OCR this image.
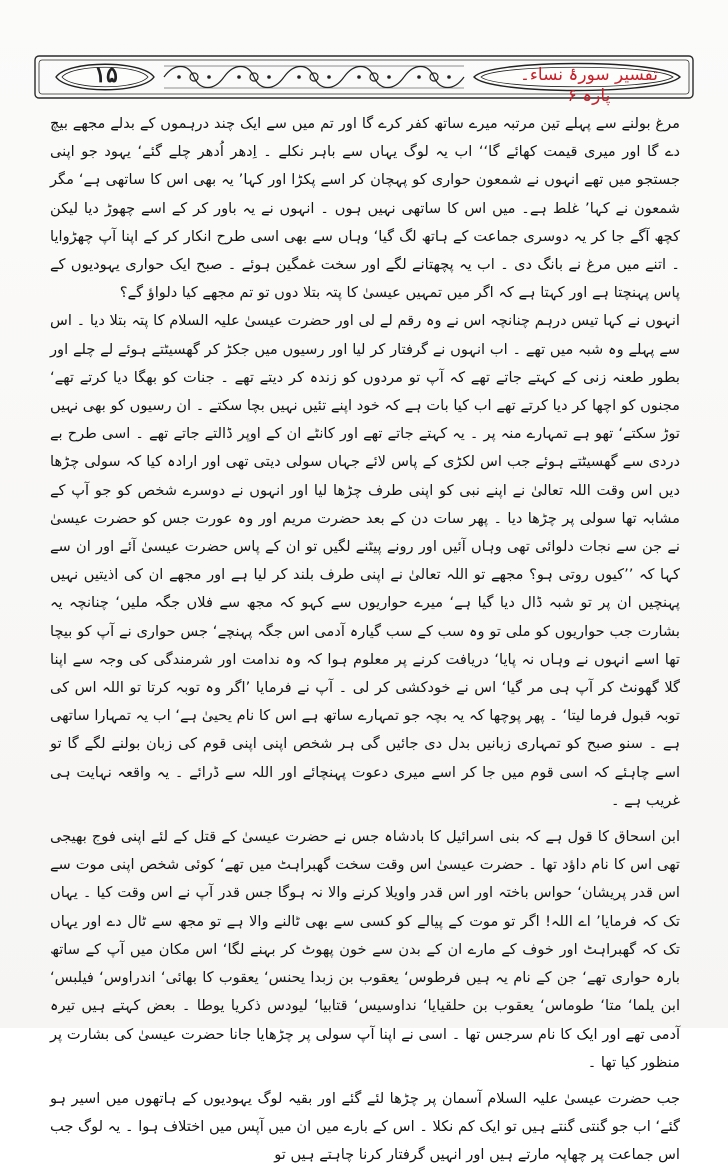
۱۵	تفسیر سورۂ نساء۔ پارہ ۶

مرغ بولنے سے پہلے تین مرتبہ میرے ساتھ کفر کرے گا اور تم میں سے ایک چند درہموں کے بدلے مجھے بیچ دے گا اور میری قیمت کھائے گا‘‘ اب یہ لوگ یہاں سے باہر نکلے ۔ اِدھر اُدھر چلے گئے‘ یہود جو اپنی جستجو میں تھے انہوں نے شمعون حواری کو پہچان کر اسے پکڑا اور کہا’ یہ بھی اس کا ساتھی ہے‘ مگر شمعون نے کہا’ غلط ہے۔ میں اس کا ساتھی نہیں ہوں ۔ انہوں نے یہ باور کر کے اسے چھوڑ دیا لیکن کچھ آگے جا کر یہ دوسری جماعت کے ہاتھ لگ گیا‘ وہاں سے بھی اسی طرح انکار کر کے اپنا آپ چھڑوایا ۔ اتنے میں مرغ نے بانگ دی ۔ اب یہ پچھتانے لگے اور سخت غمگین ہوئے ۔ صبح ایک حواری یہودیوں کے پاس پہنچتا ہے اور کہتا ہے کہ اگر میں تمہیں عیسیٰ کا پتہ بتلا دوں تو تم مجھے کیا دلواؤ گے؟

انہوں نے کہا تیس درہم چنانچہ اس نے وہ رقم لے لی اور حضرت عیسیٰ علیہ السلام کا پتہ بتلا دیا ۔ اس سے پہلے وہ شبہ میں تھے ۔ اب انہوں نے گرفتار کر لیا اور رسیوں میں جکڑ کر گھسیٹتے ہوئے لے چلے اور بطور طعنہ زنی کے کہتے جاتے تھے کہ آپ تو مردوں کو زندہ کر دیتے تھے ۔ جنات کو بھگا دیا کرتے تھے‘ مجنوں کو اچھا کر دیا کرتے تھے اب کیا بات ہے کہ خود اپنے تئیں نہیں بچا سکتے ۔ ان رسیوں کو بھی نہیں توڑ سکتے‘ تھو ہے تمہارے منہ پر ۔ یہ کہتے جاتے تھے اور کانٹے ان کے اوپر ڈالتے جاتے تھے ۔ اسی طرح بے دردی سے گھسیٹتے ہوئے جب اس لکڑی کے پاس لائے جہاں سولی دیتی تھی اور ارادہ کیا کہ سولی چڑھا دیں اس وقت اللہ تعالیٰ نے اپنے نبی کو اپنی طرف چڑھا لیا اور انہوں نے دوسرے شخص کو جو آپ کے مشابہ تھا سولی پر چڑھا دیا ۔ پھر سات دن کے بعد حضرت مریم اور وہ عورت جس کو حضرت عیسیٰ نے جن سے نجات دلوائی تھی وہاں آئیں اور رونے پیٹنے لگیں تو ان کے پاس حضرت عیسیٰ آئے اور ان سے کہا کہ ’’کیوں روتی ہو؟ مجھے تو اللہ تعالیٰ نے اپنی طرف بلند کر لیا ہے اور مجھے ان کی اذیتیں نہیں پہنچیں ان پر تو شبہ ڈال دیا گیا ہے‘ میرے حواریوں سے کہو کہ مجھ سے فلاں جگہ ملیں‘ چنانچہ یہ بشارت جب حواریوں کو ملی تو وہ سب کے سب گیارہ آدمی اس جگہ پہنچے‘ جس حواری نے آپ کو بیچا تھا اسے انہوں نے وہاں نہ پایا‘ دریافت کرنے پر معلوم ہوا کہ وہ ندامت اور شرمندگی کی وجہ سے اپنا گلا گھونٹ کر آپ ہی مر گیا‘ اس نے خودکشی کر لی ۔ آپ نے فرمایا ’اگر وہ توبہ کرتا تو اللہ اس کی توبہ قبول فرما لیتا‘ ۔ پھر پوچھا کہ یہ بچہ جو تمہارے ساتھ ہے اس کا نام یحییٰ ہے‘ اب یہ تمہارا ساتھی ہے ۔ سنو صبح کو تمہاری زبانیں بدل دی جائیں گی ہر شخص اپنی اپنی قوم کی زبان بولنے لگے گا تو اسے چاہئے کہ اسی قوم میں جا کر اسے میری دعوت پہنچائے اور اللہ سے ڈرائے ۔ یہ واقعہ نہایت ہی غریب ہے ۔

ابن اسحاق کا قول ہے کہ بنی اسرائیل کا بادشاہ جس نے حضرت عیسیٰ کے قتل کے لئے اپنی فوج بھیجی تھی اس کا نام داؤد تھا ۔ حضرت عیسیٰ اس وقت سخت گھبراہٹ میں تھے‘ کوئی شخص اپنی موت سے اس قدر پریشان‘ حواس باختہ اور اس قدر واویلا کرنے والا نہ ہوگا جس قدر آپ نے اس وقت کیا ۔ یہاں تک کہ فرمایا’ اے اللہ! اگر تو موت کے پیالے کو کسی سے بھی ٹالنے والا ہے تو مجھ سے ٹال دے اور یہاں تک کہ گھبراہٹ اور خوف کے مارے ان کے بدن سے خون پھوٹ کر بہنے لگا‘ اس مکان میں آپ کے ساتھ بارہ حواری تھے‘ جن کے نام یہ ہیں فرطوس‘ یعقوب بن زبدا یحنس‘ یعقوب کا بھائی‘ اندراوس‘ فیلبس‘ ابن یلما‘ متا‘ طوماس‘ یعقوب بن حلقیایا‘ نداوسیس‘ قتابیا‘ لیودس ذکریا یوطا ۔ بعض کہتے ہیں تیرہ آدمی تھے اور ایک کا نام سرجس تھا ۔ اسی نے اپنا آپ سولی پر چڑھایا جانا حضرت عیسیٰ کی بشارت پر منظور کیا تھا ۔

جب حضرت عیسیٰ علیہ السلام آسمان پر چڑھا لئے گئے اور بقیہ لوگ یہودیوں کے ہاتھوں میں اسیر ہو گئے‘ اب جو گنتی گنتے ہیں تو ایک کم نکلا ۔ اس کے بارے میں ان میں آپس میں اختلاف ہوا ۔ یہ لوگ جب اس جماعت پر چھاپہ مارتے ہیں اور انہیں گرفتار کرنا چاہتے ہیں تو
